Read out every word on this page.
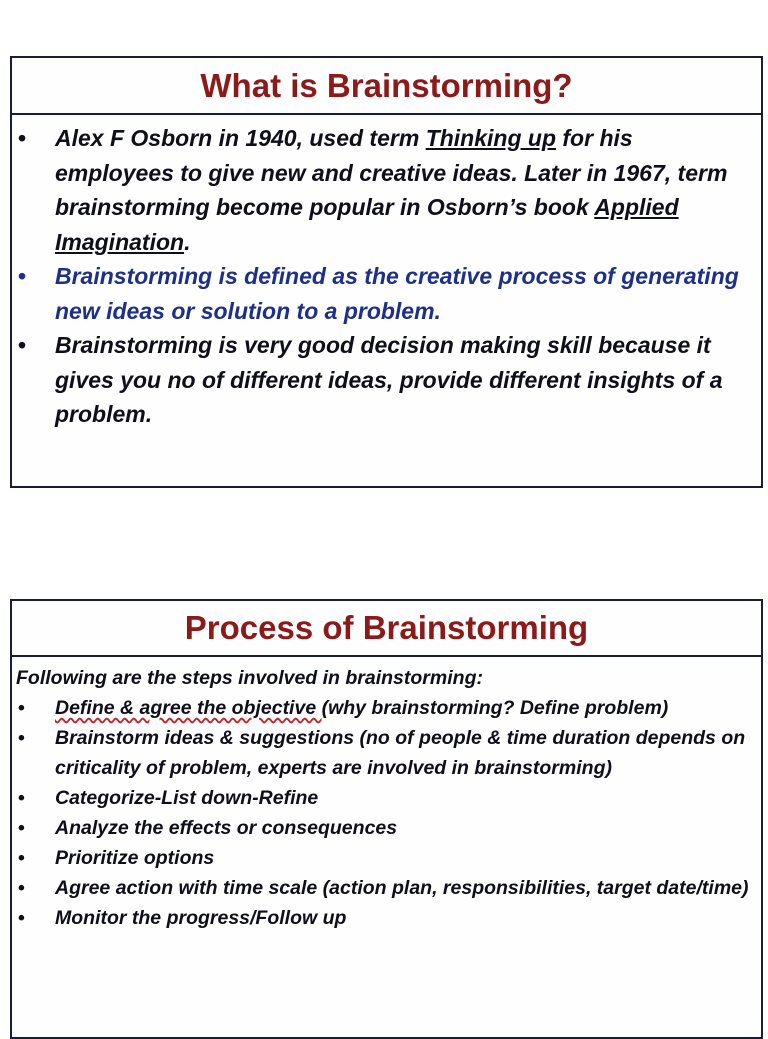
What is Brainstorming?
• Alex F Osborn in 1940, used term Thinking up for his employees to give new and creative ideas. Later in 1967, term brainstorming become popular in Osborn’s book Applied Imagination.
• Brainstorming is defined as the creative process of generating new ideas or solution to a problem.
• Brainstorming is very good decision making skill because it gives you no of different ideas, provide different insights of a problem.
Process of Brainstorming
Following are the steps involved in brainstorming:
• Define & agree the objective (why brainstorming? Define problem)
• Brainstorm ideas & suggestions (no of people & time duration depends on criticality of problem, experts are involved in brainstorming)
• Categorize-List down-Refine
• Analyze the effects or consequences
• Prioritize options
• Agree action with time scale (action plan, responsibilities, target date/time)
• Monitor the progress/Follow up
